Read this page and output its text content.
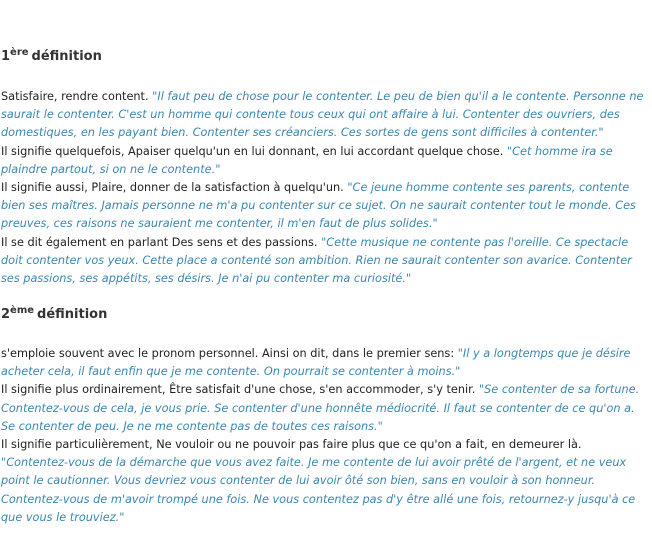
1ère définition

Satisfaire, rendre content. "Il faut peu de chose pour le contenter. Le peu de bien qu'il a le contente. Personne ne saurait le contenter. C'est un homme qui contente tous ceux qui ont affaire à lui. Contenter des ouvriers, des domestiques, en les payant bien. Contenter ses créanciers. Ces sortes de gens sont difficiles à contenter."

Il signifie quelquefois, Apaiser quelqu'un en lui donnant, en lui accordant quelque chose. "Cet homme ira se plaindre partout, si on ne le contente."

Il signifie aussi, Plaire, donner de la satisfaction à quelqu'un. "Ce jeune homme contente ses parents, contente bien ses maîtres. Jamais personne ne m'a pu contenter sur ce sujet. On ne saurait contenter tout le monde. Ces preuves, ces raisons ne sauraient me contenter, il m'en faut de plus solides."

Il se dit également en parlant Des sens et des passions. "Cette musique ne contente pas l'oreille. Ce spectacle doit contenter vos yeux. Cette place a contenté son ambition. Rien ne saurait contenter son avarice. Contenter ses passions, ses appétits, ses désirs. Je n'ai pu contenter ma curiosité."

2ème définition

s'emploie souvent avec le pronom personnel. Ainsi on dit, dans le premier sens: "Il y a longtemps que je désire acheter cela, il faut enfin que je me contente. On pourrait se contenter à moins."

Il signifie plus ordinairement, Être satisfait d'une chose, s'en accommoder, s'y tenir. "Se contenter de sa fortune. Contentez-vous de cela, je vous prie. Se contenter d'une honnête médiocrité. Il faut se contenter de ce qu'on a. Se contenter de peu. Je ne me contente pas de toutes ces raisons."

Il signifie particulièrement, Ne vouloir ou ne pouvoir pas faire plus que ce qu'on a fait, en demeurer là. "Contentez-vous de la démarche que vous avez faite. Je me contente de lui avoir prêté de l'argent, et ne veux point le cautionner. Vous devriez vous contenter de lui avoir ôté son bien, sans en vouloir à son honneur. Contentez-vous de m'avoir trompé une fois. Ne vous contentez pas d'y être allé une fois, retournez-y jusqu'à ce que vous le trouviez."
